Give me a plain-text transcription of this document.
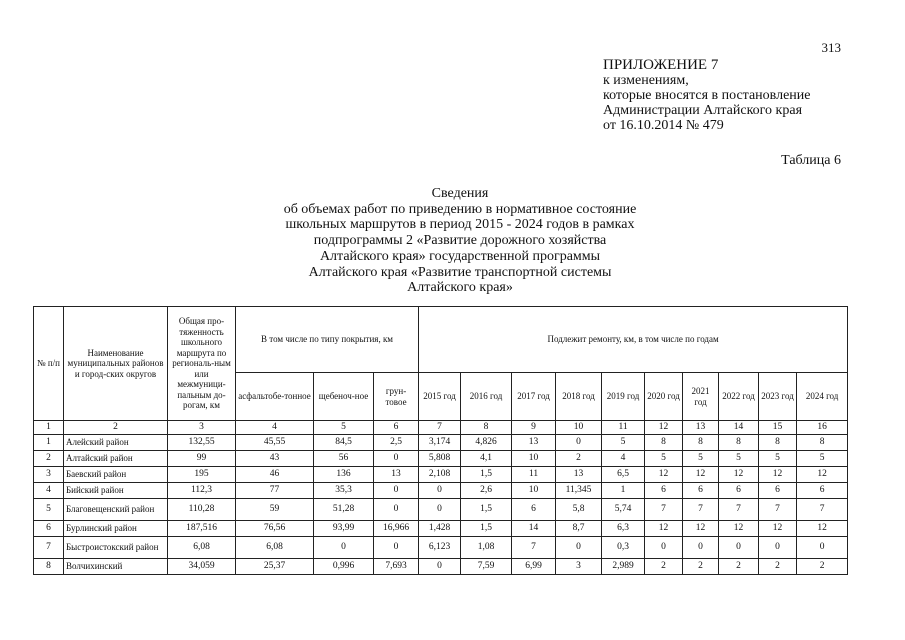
313
ПРИЛОЖЕНИЕ 7
к изменениям,
которые вносятся в постановление
Администрации Алтайского края
от 16.10.2014 № 479
Таблица 6
Сведения
об объемах работ по приведению в нормативное состояние
школьных маршрутов в период 2015 - 2024 годов в рамках
подпрограммы 2 «Развитие дорожного хозяйства
Алтайского края» государственной программы
Алтайского края «Развитие транспортной системы
Алтайского края»
№ п/п	Наименование муниципальных районов и город-ских округов	Общая про-тяженность школьного маршрута по региональ-ным или межмуници-пальным до-рогам, км	В том числе по типу покрытия, км			Подлежит ремонту, км, в том числе по годам									
			асфальтобе-тонное	щебеноч-ное	грун-товое	2015 год	2016 год	2017 год	2018 год	2019 год	2020 год	2021 год	2022 год	2023 год	2024 год
1	2	3	4	5	6	7	8	9	10	11	12	13	14	15	16
1	Алейский район	132,55	45,55	84,5	2,5	3,174	4,826	13	0	5	8	8	8	8	8
2	Алтайский район	99	43	56	0	5,808	4,1	10	2	4	5	5	5	5	5
3	Баевский район	195	46	136	13	2,108	1,5	11	13	6,5	12	12	12	12	12
4	Бийский район	112,3	77	35,3	0	0	2,6	10	11,345	1	6	6	6	6	6
5	Благовещенский район	110,28	59	51,28	0	0	1,5	6	5,8	5,74	7	7	7	7	7
6	Бурлинский район	187,516	76,56	93,99	16,966	1,428	1,5	14	8,7	6,3	12	12	12	12	12
7	Быстроистокский район	6,08	6,08	0	0	6,123	1,08	7	0	0,3	0	0	0	0	0
8	Волчихинский	34,059	25,37	0,996	7,693	0	7,59	6,99	3	2,989	2	2	2	2	2
